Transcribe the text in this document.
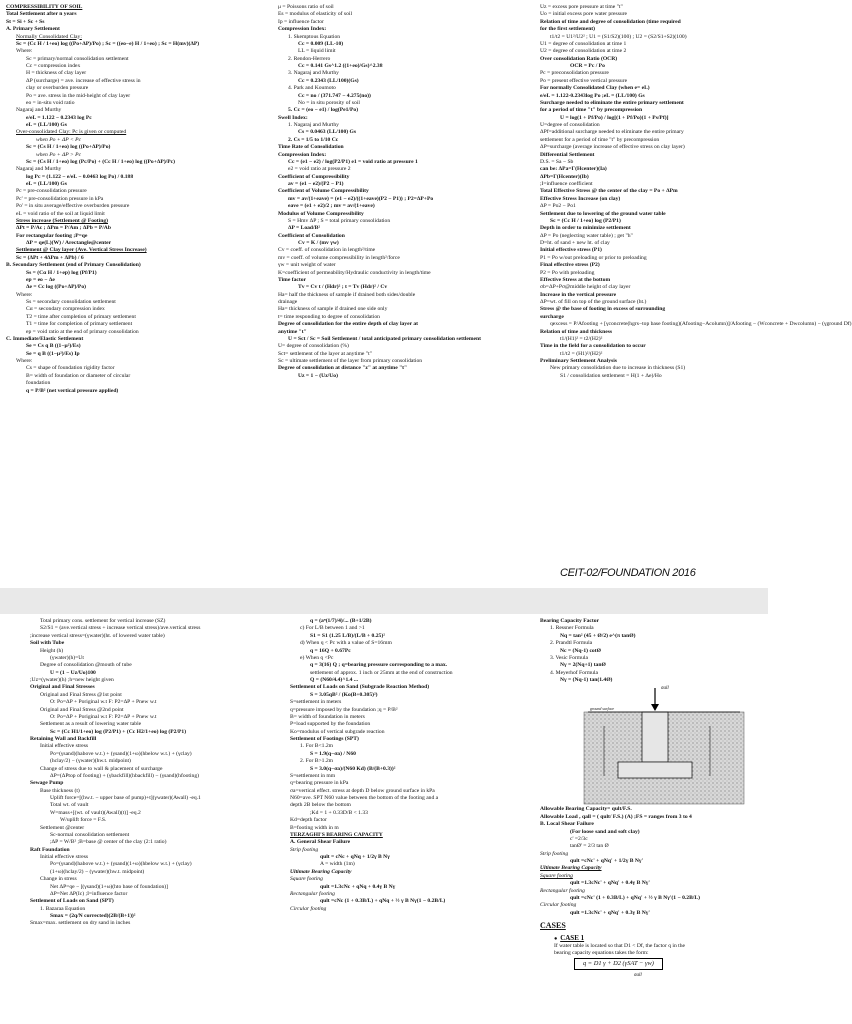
COMPRESSIBILITY OF SOIL
Total Settlement after n years
St = Si + Sc + Ss
A. Primary Settlement
Normally Consolidated Clay:
Sc = (Cc H / 1+eo) log ((Po+ΔP)/Po) ; Sc = ((eo−e) H / 1+eo) ; Sc = H(mv)(ΔP)
Where:
Sc = primary/normal consolidation settlement
Cc = compression index
H = thickness of clay layer
ΔP (surcharge) = ave. increase of effective stress in
clay or overburden pressure
Po = ave. stress in the mid-height of clay layer
eo = in-situ void ratio
Nagaraj and Murthy
e/eL = 1.122 − 0.2343 log Pc
eL = (LL/100) Gs
Over-consolidated Clay: Pc is given or computed
when Po + ΔP < Pc
Sc = (Cs H / 1+eo) log ((Po+ΔP)/Po)
when Po + ΔP > Pc
Sc = (Cs H / 1+eo) log (Pc/Po) + (Cc H / 1+eo) log ((Po+ΔP)/Pc)
Nagaraj and Murthy
log Pc = (1.122 − e/eL − 0.0463 log Po) / 0.188
eL = (LL/100) Gs
Pc = pre-consolidation pressure
Pc' = pre-consolidation pressure in kPa
Po' = in situ average/effective overburden pressure
eL = void ratio of the soil at liquid limit
Stress increase (Settlement @ Footing)
ΔPt = P/Ac ; ΔPm = P/Am ; ΔPb = P/Ab
For rectangular footing ;P=qe
ΔP = qe(L)(W) / Arectangle@center
Settlement @ Clay layer (Ave. Vertical Stress Increase)
Sc = (ΔPt + 4ΔPm + ΔPb) / 6
B. Secondary Settlement (end of Primary Consolidation)
Ss = (Cα H / 1+ep) log (Pf/P1)
ep = eo − Δe
Δe = Cc log ((Po+ΔP)/Po)
Where:
Ss = secondary consolidation settlement
Cα = secondary compression index
T2 = time after completion of primary settlement
T1 = time for completion of primary settlement
ep = void ratio at the end of primary consolidation
C. Immediate/Elastic Settlement
Se = Cs q B ((1−μ²)/Es)
Se = q B ((1−μ²)/Es) Ip
Where:
Cs = shape of foundation rigidity factor
B= width of foundation or diameter of circular
foundation
q = P/B² (net vertical pressure applied)
μ = Poissons ratio of soil
Es = modulus of elasticity of soil
Ip = influence factor
Compression Index:
1. Skemptous Equation
Cc = 0.009 (LL-10)
LL = liquid limit
2. Rendon-Herrero
Cc = 0.141 Gs^1.2 ((1+eo)/Gs)^2.38
3. Nagaraj and Murthy
Cc = 0.2343 (LL/100)(Gs)
4. Park and Koumoto
Cc = no / (371.747 − 4.275(no))
No = in situ porosity of soil
5. Cc = (eo − e1) / log(Pe1/Po)
Swell Index:
1. Nagaraj and Murthy
Cs = 0.0463 (LL/100) Gs
2. Cs = 1/5 to 1/10 Cc
Time Rate of Consolidation
Compression Index:
Cc = (e1 − e2) / log(P2/P1) e1 = void ratio at pressure 1
e2 = void ratio at pressure 2
Coefficient of Compressibility
av = (e1 − e2)/(P2 − P1)
Coefficient of Volume Compressibility
mv = av/(1+eave) = (e1 − e2)/((1+eave)(P2 − P1)) ; P2=ΔP+Po
eave = (e1 + e2)/2 ; mv = av/(1+eave)
Modulus of Volume Compressibility
S = Hmv ΔP ; S = total primary consolidation
ΔP = Load/B²
Coefficient of Consolidation
Cv = K / (mv γw)
Cv = coeff. of consolidation in length²/time
mv = coeff. of volume compressibility in length²/force
γw = unit weight of water
K=coefficient of permeability/Hydraulic conductivity in length/time
Time factor
Tv = Cv t / (Hdr)² ; t = Tv (Hdr)² / Cv
Ha= half the thickness of sample if drained both sides/double
drainage
Ha= thickness of sample if drained one side only
t= time responding to degree of consolidation
Degree of consolidation for the entire depth of clay layer at
anytime "t"
U = Sct / Sc = Soil Settlement / total anticipated primary consolidation settlement
U= degree of consolidation (%)
Sct= settlement of the layer at anytime "t"
Sc = ultimate settlement of the layer from primary consolidation
Degree of consolidation at distance "z" at anytime "t"
Uz = 1 − (Uz/Uo)
Uz = excess pore pressure at time "t"
Uo = initial excess pore water pressure
Relation of time and degree of consolidation (time required
for the first settlement)
t1/t2 = U1²/U2² ; U1 = (S1/S2)(100) ; U2 = (S2/S1+S2)(100)
U1 = degree of consolidation at time 1
U2 = degree of consolidation at time 2
Over consolidation Ratio (OCR)
OCR = Pc / Po
Pc = preconsolidation pressure
Po = present effective vertical pressure
For normally Consolidated Clay (when e= eL)
e/eL = 1.122-0.2343log Po ;eL = (LL/100) Gs
Surcharge needed to eliminate the entire primary settlement
for a period of time "t" by precompression
U = log(1 + Pf/Po) / log[(1 + Pf/Po)(1 + Ps/Pf)]
U=degree of consolidation
ΔPf=additional surcharge needed to eliminate the entire primary
settlement for a period of time "t" by precompression
ΔP=surcharge (average increase of effective stress on clay layer)
Differential Settlement
D.S. = Sa − Sb
can be: ΔPa=Γ(Hcenter)(Ia)
ΔPb=Γ(Hcenter)(Ib)
;I=influence coefficient
Total Effective Stress @ the center of the clay = Po + ΔPm
Effective Stress Increase (on clay)
ΔP = Po2 − Po1
Settlement due to lowering of the ground water table
Sc = (Cc H / 1+eo) log (P2/P1)
Depth in order to minimize settlement
ΔP = Po (neglecting water table) ; get "h"
D=ht. of sand + new ht. of clay
Initial effective stress (P1)
P1 = Po w/out preloading or prior to preloading
Final effective stress (P2)
P2 = Po with preloading
Effective Stress at the bottom
σb=ΔP+Pσ@middle height of clay layer
Increase in the vertical pressure
ΔP=wt. of fill on top of the ground surface (ht.)
Stress @ the base of footing in excess of surrounding
surcharge
qexcess = P/Afooting + [γconcrete(hgrs−top base footing)(Afooting−Acolumn)]/Afooting − (Wconcrete + Dwcolumn) − (γground Df)
Relation of time and thickness
t1/(H1)² = t2/(H2)²
Time in the field for a consolidation to occur
t1/t2 = (H1)²/(H2)²
Preliminary Settlement Analysis
New primary consolidation due to increase in thickness (S1)
S1 / consolidation settlement = H(1 + Δe)/Ho
CEIT-02/FOUNDATION 2016
Total primary cons. settlement for vertical increase (SZ)
S2/S1 = (ave.vertical stress + increase vertical stress)/ave.vertical stress
;increase vertical stress=(γwater)(ht. of lowered water table)
Soil with Tube
Height (h)
(γwater)(h)=Ut
Degree of consolidation @mouth of tube
U = (1 − Uz/Uo)100
;Uz=(γwater)(h) ;h=new height given
Original and Final Stresses
Original and Final Stress @1st point
O: Po=ΔP + Poriginal w.t F: P2=ΔP + Pnew w.t
Original and Final Stress @2nd point
O: Po=ΔP + Poriginal w.t F: P2=ΔP + Pnew w.t
Settlement as a result of lowering water table
Sc = (Cc H1/1+eo) log (P2/P1) + (Cc H2/1+eo) log (P2/P1)
Retaining Wall and Backfill
Initial effective stress
Po=(γsand)(habove w.t.) + (γsand)(1+ω)(hbelow w.t.) + (γclay)
(hclay/2) − (γwater)(hw.t. midpoint)
Change of stress due to wall & placement of surcharge
ΔP=(ΔPtop of footing) + (γbackfill)(hbackfill) − (γsand)(hfooting)
Sewage Pump
Base thickness (t)
Uplift force=[(hw.t. − upper base of pump)+t](γwater)(Awall) -eq.1
Total wt. of vault
W=mass+[(wt. of vault)(Awall)(t)] -eq.2
W/uplift force = F.S.
Settlement @center
Sc-normal consolidation settlement
;ΔP = W/B² ;B=base @ center of the clay (2:1 ratio)
Raft Foundation
Initial effective stress
Po=(γsand)(habove w.t.) + (γsand)(1+ω)(hbelow w.t.) + (γclay)
(1+ω)(hclay/2) − (γwater)(hw.t. midpoint)
Change in stress
Net ΔP=qe − [(γsand)(1+ω)(hto base of foundation)]
ΔP=Net ΔP(Ic) ;I=influence factor
Settlement of Loads on Sand (SPT)
1. Bazaraa Equation
Smax = (2q/N corrected)(2B/(B+1))²
Smax=max. settlement on dry sand in inches
q = (aⁿ(1/7)/4)/... (B+1/2B)
c) For L/B between 1 and >1
S1 = S1 (1.25 L/B)/(L/B + 0.25)²
d) When q < Pc with a value of S=16mm
q = 16Q + 0.67Pc
e) When q <Pc
q = 3(16) Q ; q=bearing pressure corresponding to a max.
settlement of approx. 1 inch or 25mm at the end of construction
Q = (N60/4.4)^1.4 ...
Settlement of Loads on Sand (Subgrade Reaction Method)
S = 3.05qB² / (Ko(B+0.305)²)
S=settlement in meters
q=pressure imposed by the foundation ;q = P/B²
B= width of foundation in meters
P=load supported by the foundation
Ko=modulus of vertical subgrade reaction
Settlement of Footings (SPT)
1. For B<1.2m
S = 1.9(q−σa) / N60
2. For B>1.2m
S = 3.0(q−σa)/(N60 Kd) (B/(B+0.3))²
S=settlement in mm
q=bearing pressure in kPa
σa=vertical effect. stress at depth D below ground surface in kPa
N60=ave. SPT N60 value between the bottom of the footing and a
depth 2B below the bottom
;Kd = 1 + 0.33D/B < 1.33
Kd=depth factor
B=footing width in m
TERZAGHI'S BEARING CAPACITY
A. General Shear Failure
Strip footing
qult = cNc + qNq + 1/2γ B Nγ
A = width (1m)
Ultimate Bearing Capacity
Square footing
qult =1.3cNc + qNq + 0.4γ B Nγ
Rectangular footing
qult =cNc (1 + 0.3B/L) + qNq + ½ γ B Nγ(1 − 0.2B/L)
Circular footing
Bearing Capacity Factor
1. Ressner Formula
Nq = tan² (45 + Ø/2) e^(π tanØ)
2. Prandtl Formula
Nc = (Nq-1) cotØ
3. Vesic Formula
Nγ = 2(Nq+1) tanØ
4. Meyerhof Formula
Nγ = (Nq-1) tan(1.4Ø)
σall
ground surface
Allowable Bearing Capacity= qult/F.S.
Allowable Load , qall = ( qult/ F.S.) (A) ;FS = ranges from 3 to 4
B. Local Shear Failure
(For loose sand and soft clay)
c' =2/3c
tanØ' = 2/3 tan Ø
Strip footing
qult =cNc' + qNq' + 1/2γ B Nγ'
Ultimate Bearing Capacity
Square footing
qult =1.3cNc' + qNq' + 0.4γ B Nγ'
Rectangular footing
qult =cNc' (1 + 0.3B/L) + qNq' + ½ γ B Nγ'(1 − 0.2B/L)
Circular footing
qult =1.3cNc' + qNq' + 0.3γ B Nγ'
CASES
●  CASE 1
If water table is located so that D1 < Df, the factor q in the
bearing capacity equations takes the form:
q = D1 γ + D2 (γSAT − γw)
σall
